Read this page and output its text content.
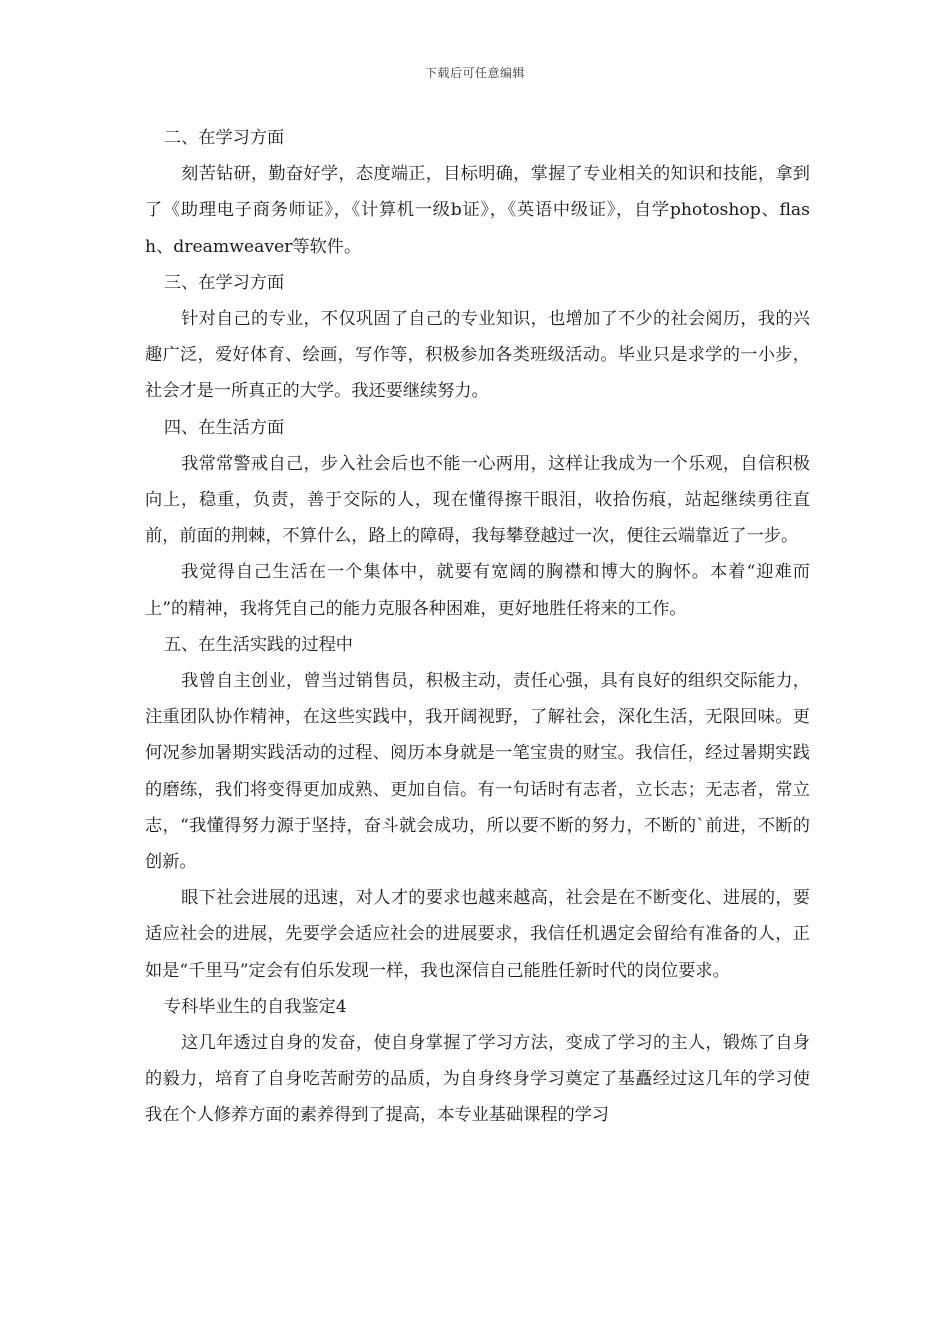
下载后可任意编辑

二、在学习方面

刻苦钻研，勤奋好学，态度端正，目标明确，掌握了专业相关的知识和技能，拿到了《助理电子商务师证》，《计算机一级b证》，《英语中级证》，自学photoshop、flash、dreamweaver等软件。

三、在学习方面

针对自己的专业，不仅巩固了自己的专业知识，也增加了不少的社会阅历，我的兴趣广泛，爱好体育、绘画，写作等，积极参加各类班级活动。毕业只是求学的一小步，社会才是一所真正的大学。我还要继续努力。

四、在生活方面

我常常警戒自己，步入社会后也不能一心两用，这样让我成为一个乐观，自信积极向上，稳重，负责，善于交际的人，现在懂得擦干眼泪，收拾伤痕，站起继续勇往直前，前面的荆棘，不算什么，路上的障碍，我每攀登越过一次，便往云端靠近了一步。

我觉得自己生活在一个集体中，就要有宽阔的胸襟和博大的胸怀。本着“迎难而上”的精神，我将凭自己的能力克服各种困难，更好地胜任将来的工作。

五、在生活实践的过程中

我曾自主创业，曾当过销售员，积极主动，责任心强，具有良好的组织交际能力，注重团队协作精神，在这些实践中，我开阔视野，了解社会，深化生活，无限回味。更何况参加暑期实践活动的过程、阅历本身就是一笔宝贵的财宝。我信任，经过暑期实践的磨练，我们将变得更加成熟、更加自信。有一句话时有志者，立长志；无志者，常立志，“我懂得努力源于坚持，奋斗就会成功，所以要不断的努力，不断的`前进，不断的创新。

眼下社会进展的迅速，对人才的要求也越来越高，社会是在不断变化、进展的，要适应社会的进展，先要学会适应社会的进展要求，我信任机遇定会留给有准备的人，正如是“千里马”定会有伯乐发现一样，我也深信自己能胜任新时代的岗位要求。

专科毕业生的自我鉴定4

这几年透过自身的发奋，使自身掌握了学习方法，变成了学习的主人，锻炼了自身的毅力，培育了自身吃苦耐劳的品质，为自身终身学习奠定了基矗经过这几年的学习使我在个人修养方面的素养得到了提高，本专业基础课程的学习
